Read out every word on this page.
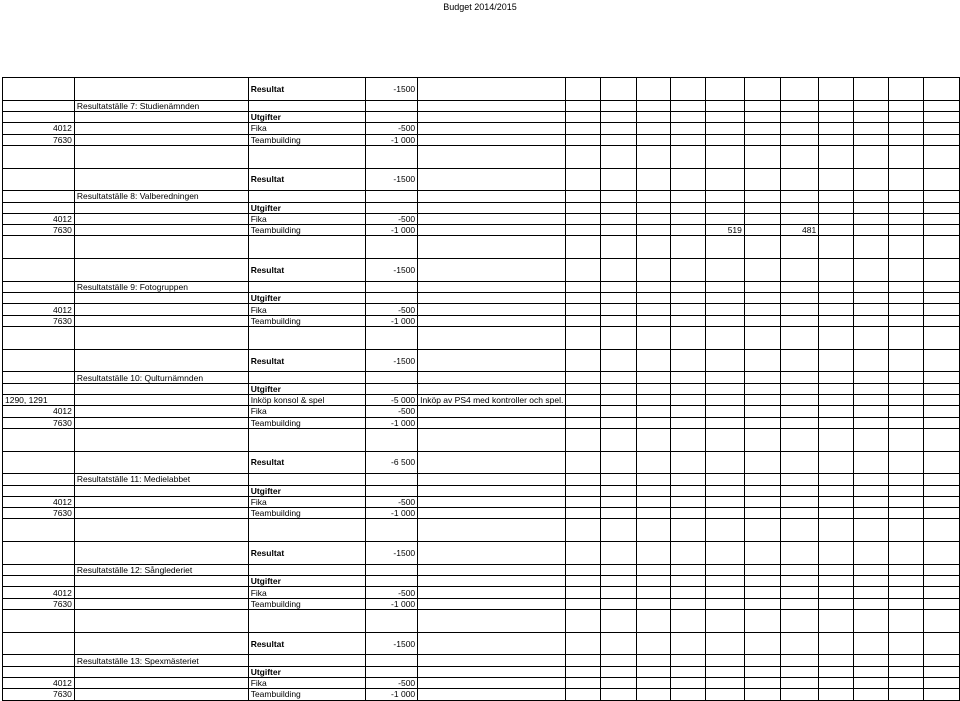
Budget 2014/2015
		Resultat	-1500												
	Resultatställe 7: Studienämnden														
		Utgifter													
4012		Fika	-500												
7630		Teambuilding	-1 000												

		Resultat	-1500												
	Resultatställe 8: Valberedningen														
		Utgifter													
4012		Fika	-500												
7630		Teambuilding	-1 000						519		481				

		Resultat	-1500												
	Resultatställe 9: Fotogruppen														
		Utgifter													
4012		Fika	-500												
7630		Teambuilding	-1 000												

		Resultat	-1500												
	Resultatställe 10: Qulturnämnden														
		Utgifter													
1290, 1291		Inköp konsol & spel	-5 000	Inköp av PS4 med kontroller och spel.											
4012		Fika	-500												
7630		Teambuilding	-1 000												

		Resultat	-6 500												
	Resultatställe 11: Medielabbet														
		Utgifter													
4012		Fika	-500												
7630		Teambuilding	-1 000												

		Resultat	-1500												
	Resultatställe 12: Sånglederiet														
		Utgifter													
4012		Fika	-500												
7630		Teambuilding	-1 000												

		Resultat	-1500												
	Resultatställe 13: Spexmästeriet														
		Utgifter													
4012		Fika	-500												
7630		Teambuilding	-1 000												
